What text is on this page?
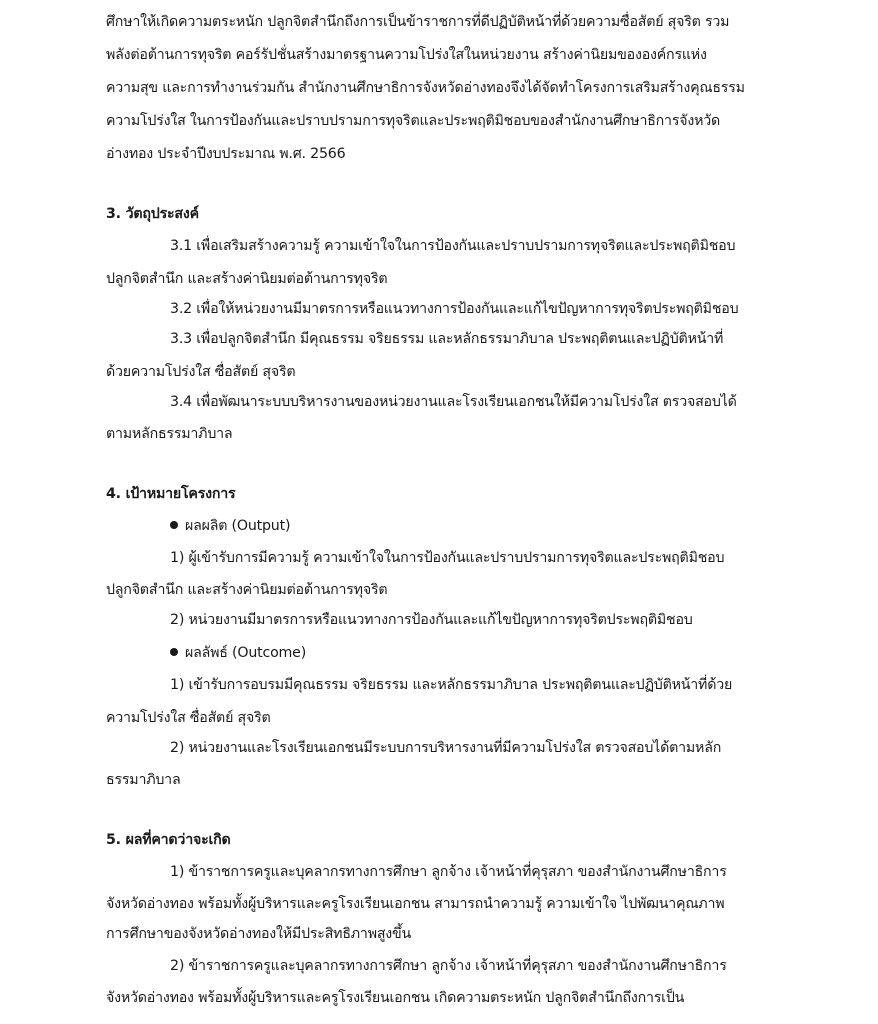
ศึกษาให้เกิดความตระหนัก ปลูกจิตสำนึกถึงการเป็นข้าราชการที่ดีปฏิบัติหน้าที่ด้วยความซื่อสัตย์ สุจริต รวม
พลังต่อต้านการทุจริต คอร์รัปชั่นสร้างมาตรฐานความโปร่งใสในหน่วยงาน สร้างค่านิยมขององค์กรแห่ง
ความสุข และการทำงานร่วมกัน สำนักงานศึกษาธิการจังหวัดอ่างทองจึงได้จัดทำโครงการเสริมสร้างคุณธรรม
ความโปร่งใส ในการป้องกันและปราบปรามการทุจริตและประพฤติมิชอบของสำนักงานศึกษาธิการจังหวัด
อ่างทอง ประจำปีงบประมาณ พ.ศ. 2566
3. วัตถุประสงค์
3.1 เพื่อเสริมสร้างความรู้ ความเข้าใจในการป้องกันและปราบปรามการทุจริตและประพฤติมิชอบ
ปลูกจิตสำนึก และสร้างค่านิยมต่อต้านการทุจริต
3.2 เพื่อให้หน่วยงานมีมาตรการหรือแนวทางการป้องกันและแก้ไขปัญหาการทุจริตประพฤติมิชอบ
3.3 เพื่อปลูกจิตสำนึก มีคุณธรรม จริยธรรม และหลักธรรมาภิบาล ประพฤติตนและปฏิบัติหน้าที่
ด้วยความโปร่งใส ซื่อสัตย์ สุจริต
3.4 เพื่อพัฒนาระบบบริหารงานของหน่วยงานและโรงเรียนเอกชนให้มีความโปร่งใส ตรวจสอบได้
ตามหลักธรรมาภิบาล
4. เป้าหมายโครงการ
ผลผลิต (Output)
1) ผู้เข้ารับการมีความรู้ ความเข้าใจในการป้องกันและปราบปรามการทุจริตและประพฤติมิชอบ
ปลูกจิตสำนึก และสร้างค่านิยมต่อต้านการทุจริต
2) หน่วยงานมีมาตรการหรือแนวทางการป้องกันและแก้ไขปัญหาการทุจริตประพฤติมิชอบ
ผลลัพธ์ (Outcome)
1) เข้ารับการอบรมมีคุณธรรม จริยธรรม และหลักธรรมาภิบาล ประพฤติตนและปฏิบัติหน้าที่ด้วย
ความโปร่งใส ซื่อสัตย์ สุจริต
2) หน่วยงานและโรงเรียนเอกชนมีระบบการบริหารงานที่มีความโปร่งใส ตรวจสอบได้ตามหลัก
ธรรมาภิบาล
5. ผลที่คาดว่าจะเกิด
1) ข้าราชการครูและบุคลากรทางการศึกษา ลูกจ้าง เจ้าหน้าที่คุรุสภา ของสำนักงานศึกษาธิการ
จังหวัดอ่างทอง พร้อมทั้งผู้บริหารและครูโรงเรียนเอกชน สามารถนำความรู้ ความเข้าใจ ไปพัฒนาคุณภาพ
การศึกษาของจังหวัดอ่างทองให้มีประสิทธิภาพสูงขึ้น
2) ข้าราชการครูและบุคลากรทางการศึกษา ลูกจ้าง เจ้าหน้าที่คุรุสภา ของสำนักงานศึกษาธิการ
จังหวัดอ่างทอง พร้อมทั้งผู้บริหารและครูโรงเรียนเอกชน เกิดความตระหนัก ปลูกจิตสำนึกถึงการเป็น
